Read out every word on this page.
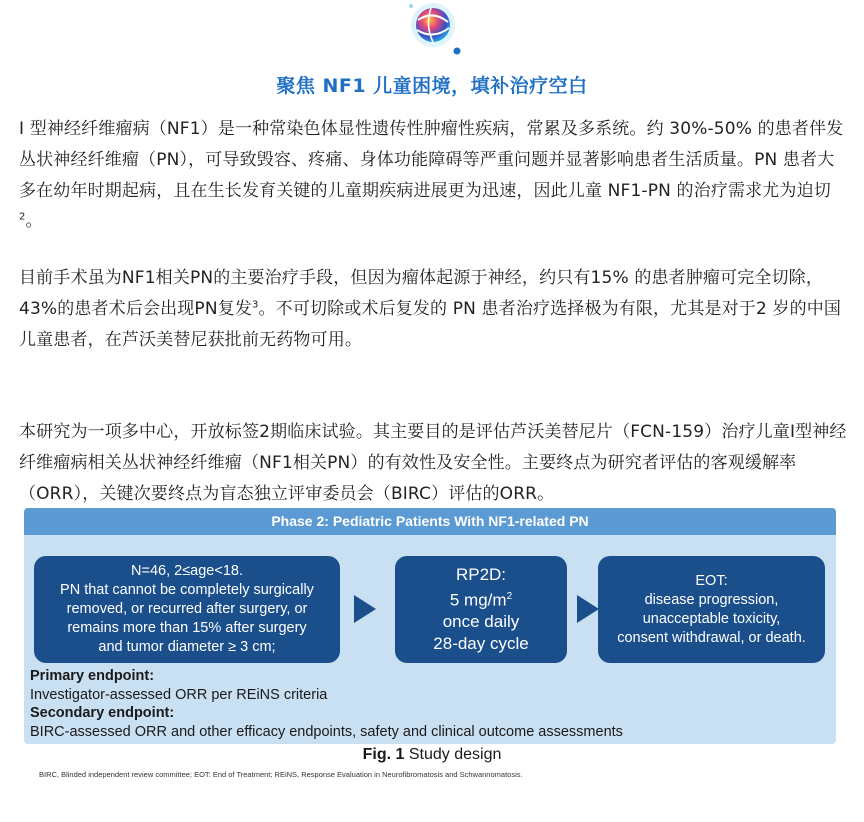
聚焦 NF1 儿童困境，填补治疗空白

I 型神经纤维瘤病（NF1）是一种常染色体显性遗传性肿瘤性疾病，常累及多系统。约 30%-50% 的患者伴发丛状神经纤维瘤（PN），可导致毁容、疼痛、身体功能障碍等严重问题并显著影响患者生活质量。PN 患者大多在幼年时期起病，且在生长发育关键的儿童期疾病进展更为迅速，因此儿童 NF1-PN 的治疗需求尤为迫切$^2$。

目前手术虽为NF1相关PN的主要治疗手段，但因为瘤体起源于神经，约只有15% 的患者肿瘤可完全切除，43%的患者术后会出现PN复发$^3$。不可切除或术后复发的 PN 患者治疗选择极为有限，尤其是对于2 岁的中国儿童患者，在芦沃美替尼获批前无药物可用。

本研究为一项多中心，开放标签2期临床试验。其主要目的是评估芦沃美替尼片（FCN-159）治疗儿童I型神经纤维瘤病相关丛状神经纤维瘤（NF1相关PN）的有效性及安全性。主要终点为研究者评估的客观缓解率（ORR），关键次要终点为盲态独立评审委员会（BIRC）评估的ORR。

Phase 2: Pediatric Patients With NF1-related PN
N=46, 2≤age<18.
PN that cannot be completely surgically
removed, or recurred after surgery, or
remains more than 15% after surgery
and tumor diameter ≥ 3 cm;
RP2D:
5 $mg/m^2$
once daily
28-day cycle
EOT:
disease progression,
unacceptable toxicity,
consent withdrawal, or death.
Primary endpoint:
Investigator-assessed ORR per REiNS criteria
Secondary endpoint:
BIRC-assessed ORR and other efficacy endpoints, safety and clinical outcome assessments
Fig. 1 Study design
BIRC, Blinded independent review committee; EOT: End of Treatment; REiNS, Response Evaluation in Neurofibromatosis and Schwannomatosis.
